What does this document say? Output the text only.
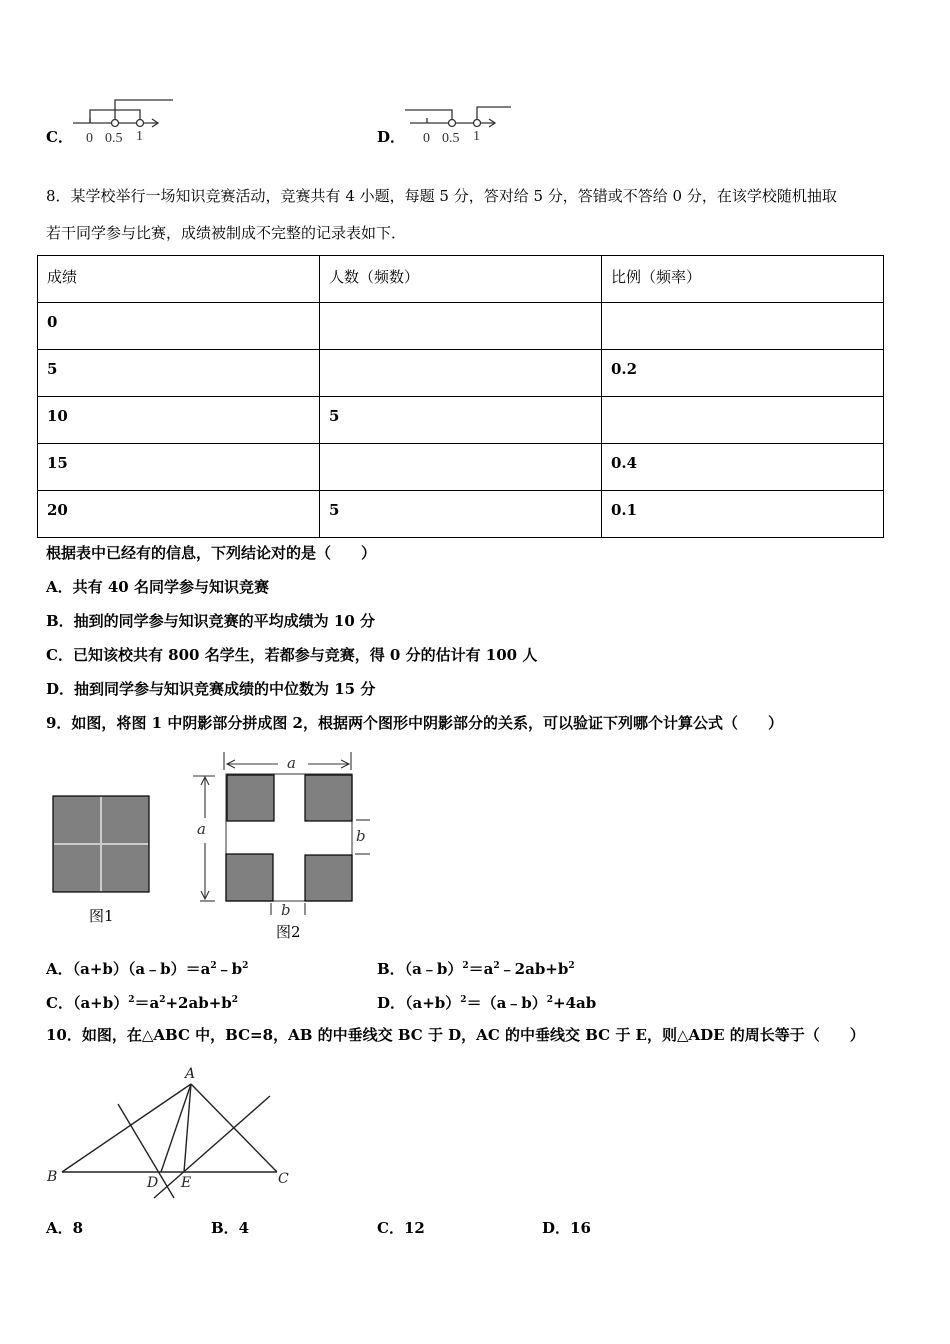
C． 0 0.5 1	0 0.5 1
D．
8．某学校举行一场知识竞赛活动，竞赛共有 4 小题，每题 5 分，答对给 5 分，答错或不答给 0 分，在该学校随机抽取
若干同学参与比赛，成绩被制成不完整的记录表如下．
成绩	人数（频数）	比例（频率）

0		

5		0.2

10	5	

15		0.4

20	5	0.1
根据表中已经有的信息，下列结论对的是（　　）
A．共有 40 名同学参与知识竞赛
B．抽到的同学参与知识竞赛的平均成绩为 10 分
C．已知该校共有 800 名学生，若都参与竞赛，得 0 分的估计有 100 人
D．抽到同学参与知识竞赛成绩的中位数为 15 分
9．如图，将图 1 中阴影部分拼成图 2，根据两个图形中阴影部分的关系，可以验证下列哪个计算公式（　　）
图1
a
a	b
b
图2
A．$(a+b)(a﹣b)=a^2﹣b^2$	B．$(a﹣b)^2=a^2﹣2ab+b^2$
C．$(a+b)^2=a^2+2ab+b^2$	D．$(a+b)^2=(a﹣b)^2+4ab$
10．如图，在△ABC 中，BC=8，AB 的中垂线交 BC 于 D，AC 的中垂线交 BC 于 E，则△ADE 的周长等于（　　）
A
B	C
D E
A．8	B．4	C．12	D．16
